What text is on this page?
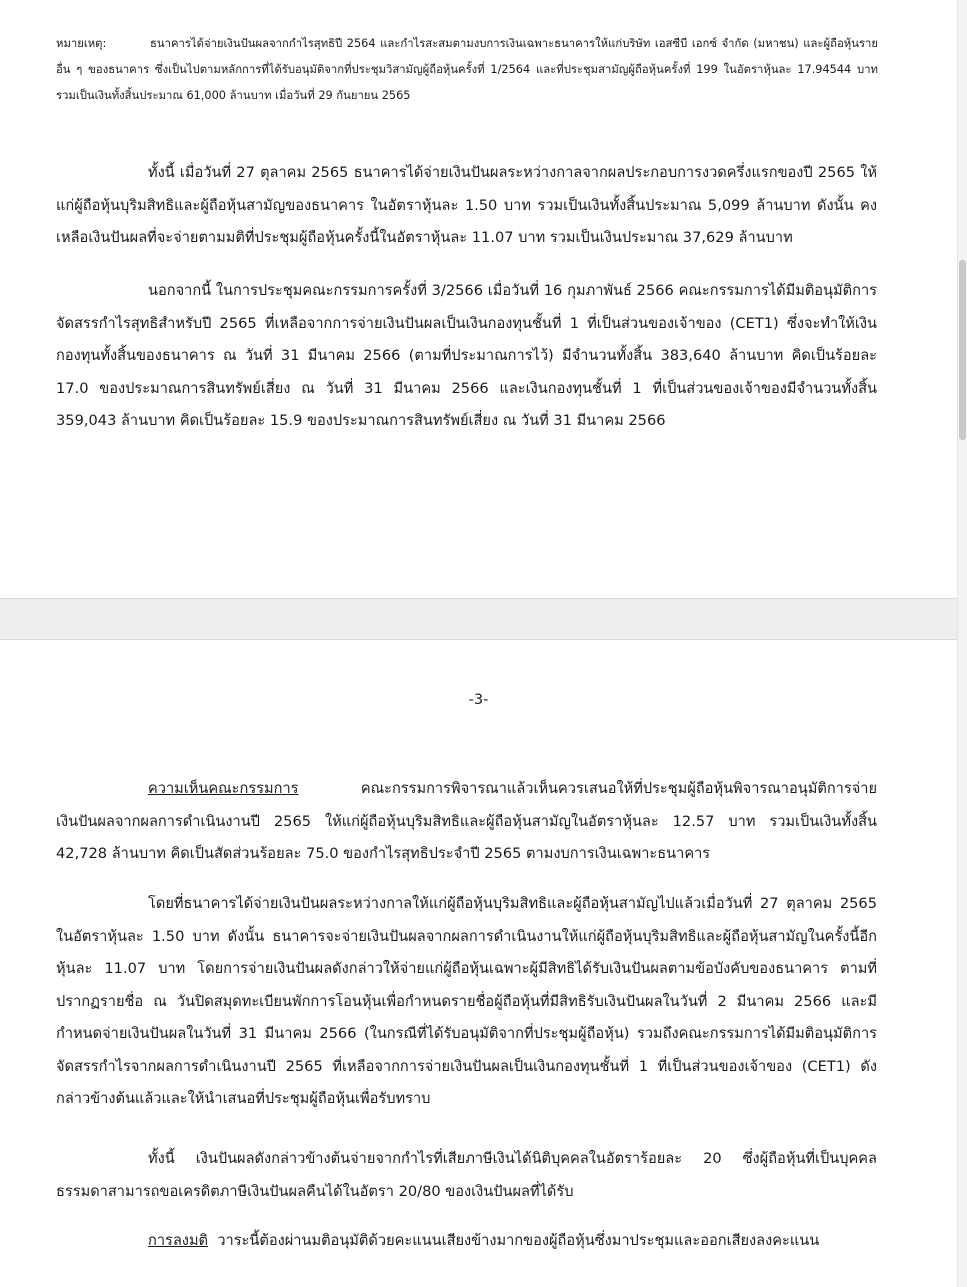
หมายเหตุ:	ธนาคารได้จ่ายเงินปันผลจากกำไรสุทธิปี 2564 และกำไรสะสมตามงบการเงินเฉพาะธนาคารให้แก่บริษัท เอสซีบี เอกซ์ จำกัด (มหาชน) และผู้ถือหุ้นรายอื่น ๆ ของธนาคาร ซึ่งเป็นไปตามหลักการที่ได้รับอนุมัติจากที่ประชุมวิสามัญผู้ถือหุ้นครั้งที่ 1/2564 และที่ประชุมสามัญผู้ถือหุ้นครั้งที่ 199 ในอัตราหุ้นละ 17.94544 บาท รวมเป็นเงินทั้งสิ้นประมาณ 61,000 ล้านบาท เมื่อวันที่ 29 กันยายน 2565

ทั้งนี้ เมื่อวันที่ 27 ตุลาคม 2565 ธนาคารได้จ่ายเงินปันผลระหว่างกาลจากผลประกอบการงวดครึ่งแรกของปี 2565 ให้แก่ผู้ถือหุ้นบุริมสิทธิและผู้ถือหุ้นสามัญของธนาคาร ในอัตราหุ้นละ 1.50 บาท รวมเป็นเงินทั้งสิ้นประมาณ 5,099 ล้านบาท ดังนั้น คงเหลือเงินปันผลที่จะจ่ายตามมติที่ประชุมผู้ถือหุ้นครั้งนี้ในอัตราหุ้นละ 11.07 บาท รวมเป็นเงินประมาณ 37,629 ล้านบาท

นอกจากนี้ ในการประชุมคณะกรรมการครั้งที่ 3/2566 เมื่อวันที่ 16 กุมภาพันธ์ 2566 คณะกรรมการได้มีมติอนุมัติการจัดสรรกำไรสุทธิสำหรับปี 2565 ที่เหลือจากการจ่ายเงินปันผลเป็นเงินกองทุนชั้นที่ 1 ที่เป็นส่วนของเจ้าของ (CET1) ซึ่งจะทำให้เงินกองทุนทั้งสิ้นของธนาคาร ณ วันที่ 31 มีนาคม 2566 (ตามที่ประมาณการไว้) มีจำนวนทั้งสิ้น 383,640 ล้านบาท คิดเป็นร้อยละ 17.0 ของประมาณการสินทรัพย์เสี่ยง ณ วันที่ 31 มีนาคม 2566 และเงินกองทุนชั้นที่ 1 ที่เป็นส่วนของเจ้าของมีจำนวนทั้งสิ้น 359,043 ล้านบาท คิดเป็นร้อยละ 15.9 ของประมาณการสินทรัพย์เสี่ยง ณ วันที่ 31 มีนาคม 2566

-3-

ความเห็นคณะกรรมการ	คณะกรรมการพิจารณาแล้วเห็นควรเสนอให้ที่ประชุมผู้ถือหุ้นพิจารณาอนุมัติการจ่ายเงินปันผลจากผลการดำเนินงานปี 2565 ให้แก่ผู้ถือหุ้นบุริมสิทธิและผู้ถือหุ้นสามัญในอัตราหุ้นละ 12.57 บาท รวมเป็นเงินทั้งสิ้น 42,728 ล้านบาท คิดเป็นสัดส่วนร้อยละ 75.0 ของกำไรสุทธิประจำปี 2565 ตามงบการเงินเฉพาะธนาคาร

โดยที่ธนาคารได้จ่ายเงินปันผลระหว่างกาลให้แก่ผู้ถือหุ้นบุริมสิทธิและผู้ถือหุ้นสามัญไปแล้วเมื่อวันที่ 27 ตุลาคม 2565 ในอัตราหุ้นละ 1.50 บาท ดังนั้น ธนาคารจะจ่ายเงินปันผลจากผลการดำเนินงานให้แก่ผู้ถือหุ้นบุริมสิทธิและผู้ถือหุ้นสามัญในครั้งนี้อีกหุ้นละ 11.07 บาท โดยการจ่ายเงินปันผลดังกล่าวให้จ่ายแก่ผู้ถือหุ้นเฉพาะผู้มีสิทธิได้รับเงินปันผลตามข้อบังคับของธนาคาร ตามที่ปรากฏรายชื่อ ณ วันปิดสมุดทะเบียนพักการโอนหุ้นเพื่อกำหนดรายชื่อผู้ถือหุ้นที่มีสิทธิรับเงินปันผลในวันที่ 2 มีนาคม 2566 และมีกำหนดจ่ายเงินปันผลในวันที่ 31 มีนาคม 2566 (ในกรณีที่ได้รับอนุมัติจากที่ประชุมผู้ถือหุ้น) รวมถึงคณะกรรมการได้มีมติอนุมัติการจัดสรรกำไรจากผลการดำเนินงานปี 2565 ที่เหลือจากการจ่ายเงินปันผลเป็นเงินกองทุนชั้นที่ 1 ที่เป็นส่วนของเจ้าของ (CET1) ดังกล่าวข้างต้นแล้วและให้นำเสนอที่ประชุมผู้ถือหุ้นเพื่อรับทราบ

ทั้งนี้ เงินปันผลดังกล่าวข้างต้นจ่ายจากกำไรที่เสียภาษีเงินได้นิติบุคคลในอัตราร้อยละ 20 ซึ่งผู้ถือหุ้นที่เป็นบุคคลธรรมดาสามารถขอเครดิตภาษีเงินปันผลคืนได้ในอัตรา 20/80 ของเงินปันผลที่ได้รับ

การลงมติ วาระนี้ต้องผ่านมติอนุมัติด้วยคะแนนเสียงข้างมากของผู้ถือหุ้นซึ่งมาประชุมและออกเสียงลงคะแนน
